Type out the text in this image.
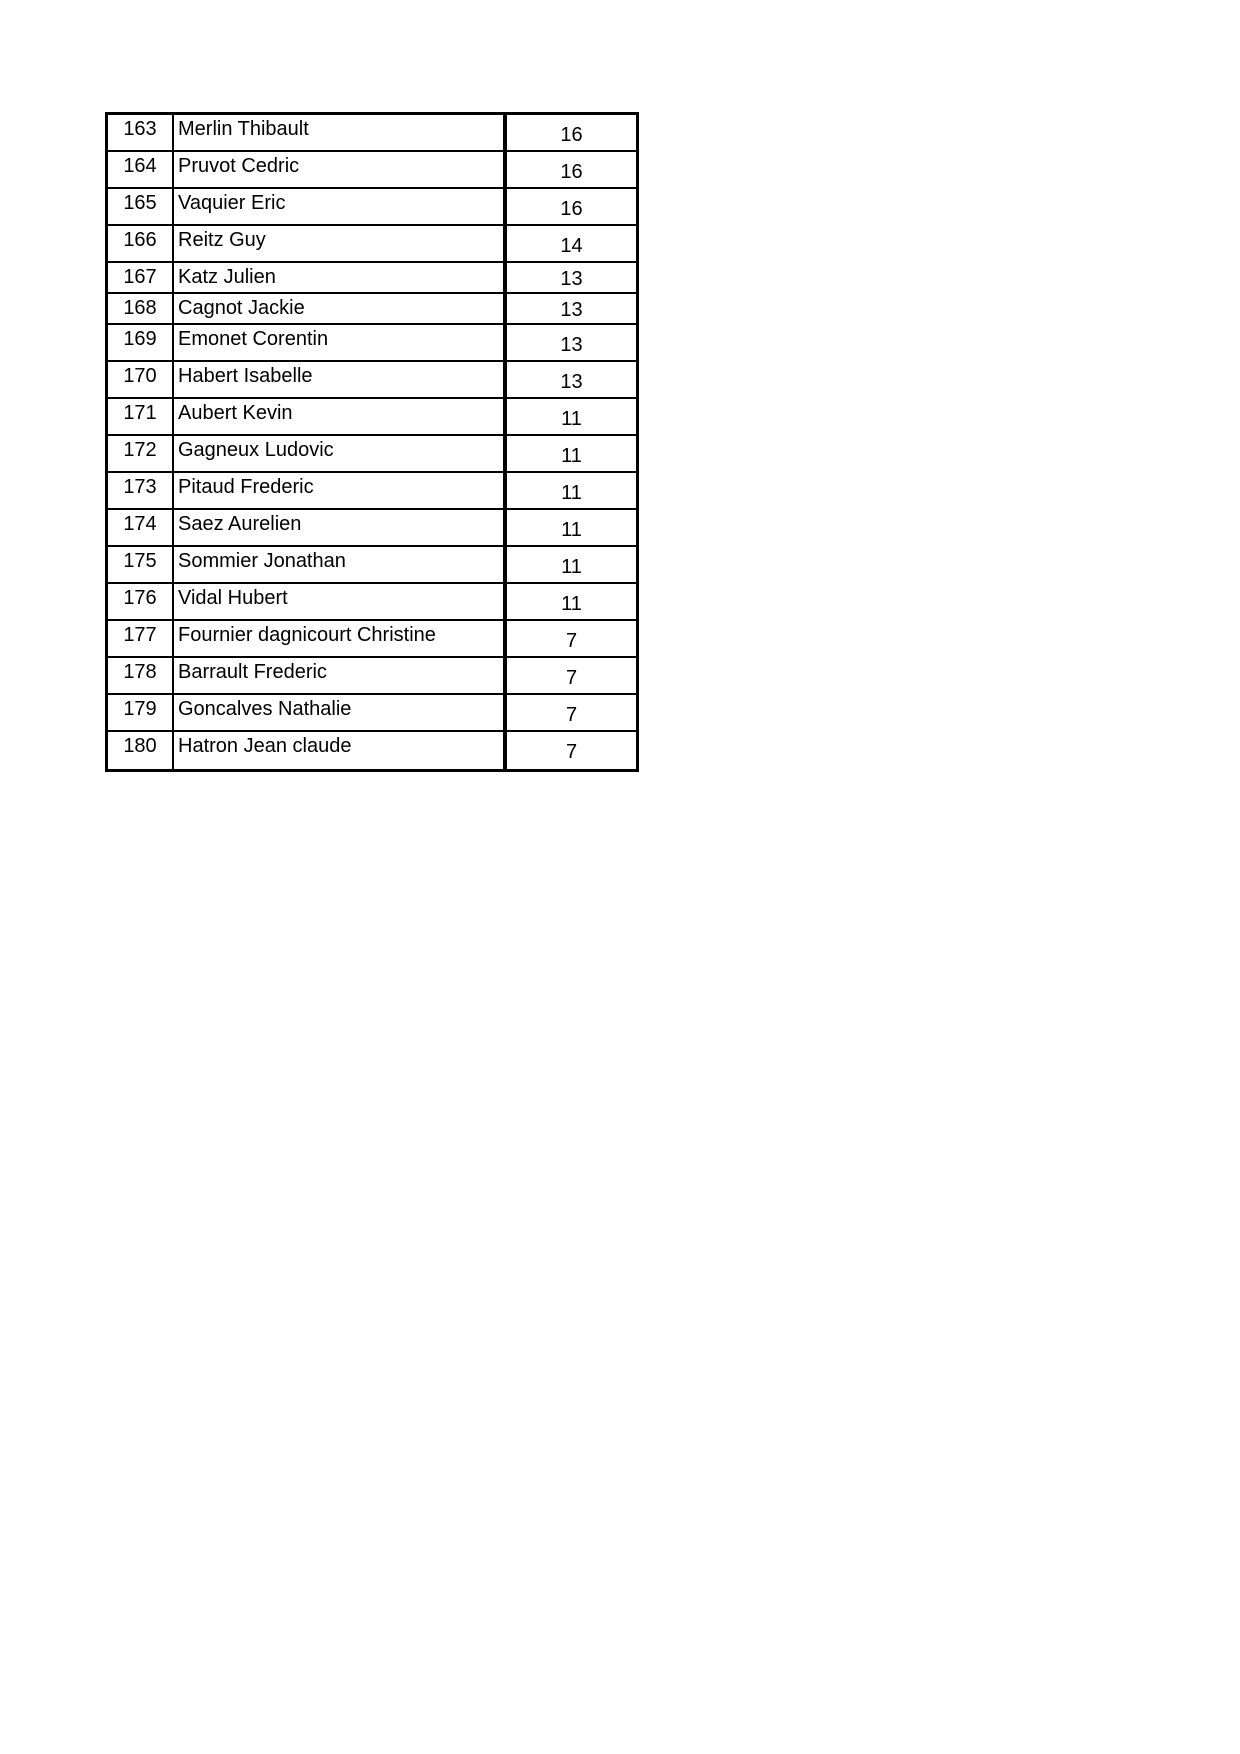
163	Merlin Thibault	16
164	Pruvot Cedric	16
165	Vaquier Eric	16
166	Reitz Guy	14
167	Katz Julien	13
168	Cagnot Jackie	13
169	Emonet Corentin	13
170	Habert Isabelle	13
171	Aubert Kevin	11
172	Gagneux Ludovic	11
173	Pitaud Frederic	11
174	Saez Aurelien	11
175	Sommier Jonathan	11
176	Vidal Hubert	11
177	Fournier dagnicourt Christine	7
178	Barrault Frederic	7
179	Goncalves Nathalie	7
180	Hatron Jean claude	7
